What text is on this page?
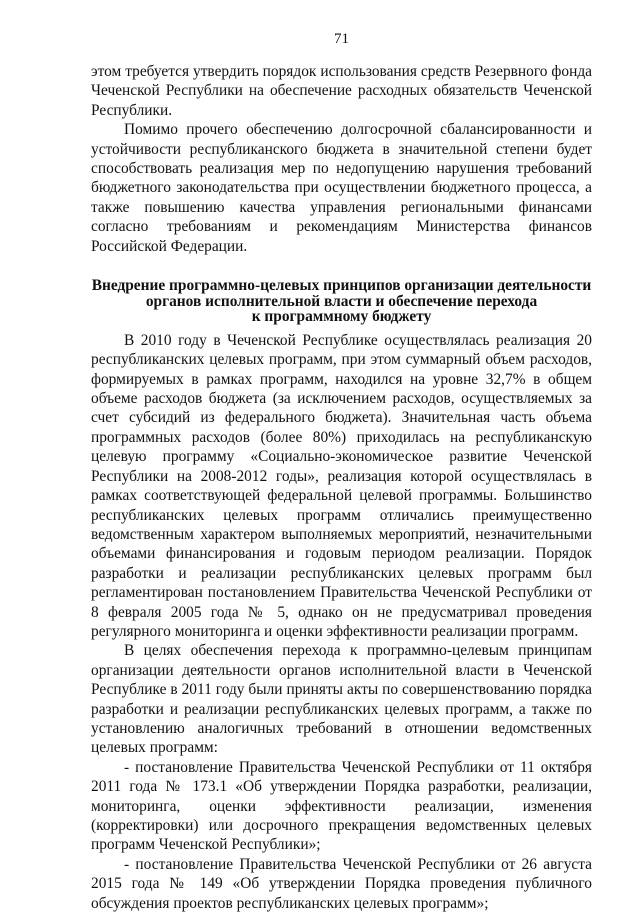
71

этом требуется утвердить порядок использования средств Резервного фонда Чеченской Республики на обеспечение расходных обязательств Чеченской Республики.

Помимо прочего обеспечению долгосрочной сбалансированности и устойчивости республиканского бюджета в значительной степени будет способствовать реализация мер по недопущению нарушения требований бюджетного законодательства при осуществлении бюджетного процесса, а также повышению качества управления региональными финансами согласно требованиям и рекомендациям Министерства финансов Российской Федерации.

Внедрение программно-целевых принципов организации деятельности
органов исполнительной власти и обеспечение перехода
к программному бюджету

В 2010 году в Чеченской Республике осуществлялась реализация 20 республиканских целевых программ, при этом суммарный объем расходов, формируемых в рамках программ, находился на уровне 32,7% в общем объеме расходов бюджета (за исключением расходов, осуществляемых за счет субсидий из федерального бюджета). Значительная часть объема программных расходов (более 80%) приходилась на республиканскую целевую программу «Социально-экономическое развитие Чеченской Республики на 2008-2012 годы», реализация которой осуществлялась в рамках соответствующей федеральной целевой программы. Большинство республиканских целевых программ отличались преимущественно ведомственным характером выполняемых мероприятий, незначительными объемами финансирования и годовым периодом реализации. Порядок разработки и реализации республиканских целевых программ был регламентирован постановлением Правительства Чеченской Республики от 8 февраля 2005 года № 5, однако он не предусматривал проведения регулярного мониторинга и оценки эффективности реализации программ.

В целях обеспечения перехода к программно-целевым принципам организации деятельности органов исполнительной власти в Чеченской Республике в 2011 году были приняты акты по совершенствованию порядка разработки и реализации республиканских целевых программ, а также по установлению аналогичных требований в отношении ведомственных целевых программ:

- постановление Правительства Чеченской Республики от 11 октября 2011 года № 173.1 «Об утверждении Порядка разработки, реализации, мониторинга, оценки эффективности реализации, изменения (корректировки) или досрочного прекращения ведомственных целевых программ Чеченской Республики»;

- постановление Правительства Чеченской Республики от 26 августа 2015 года № 149 «Об утверждении Порядка проведения публичного обсуждения проектов республиканских целевых программ»;
